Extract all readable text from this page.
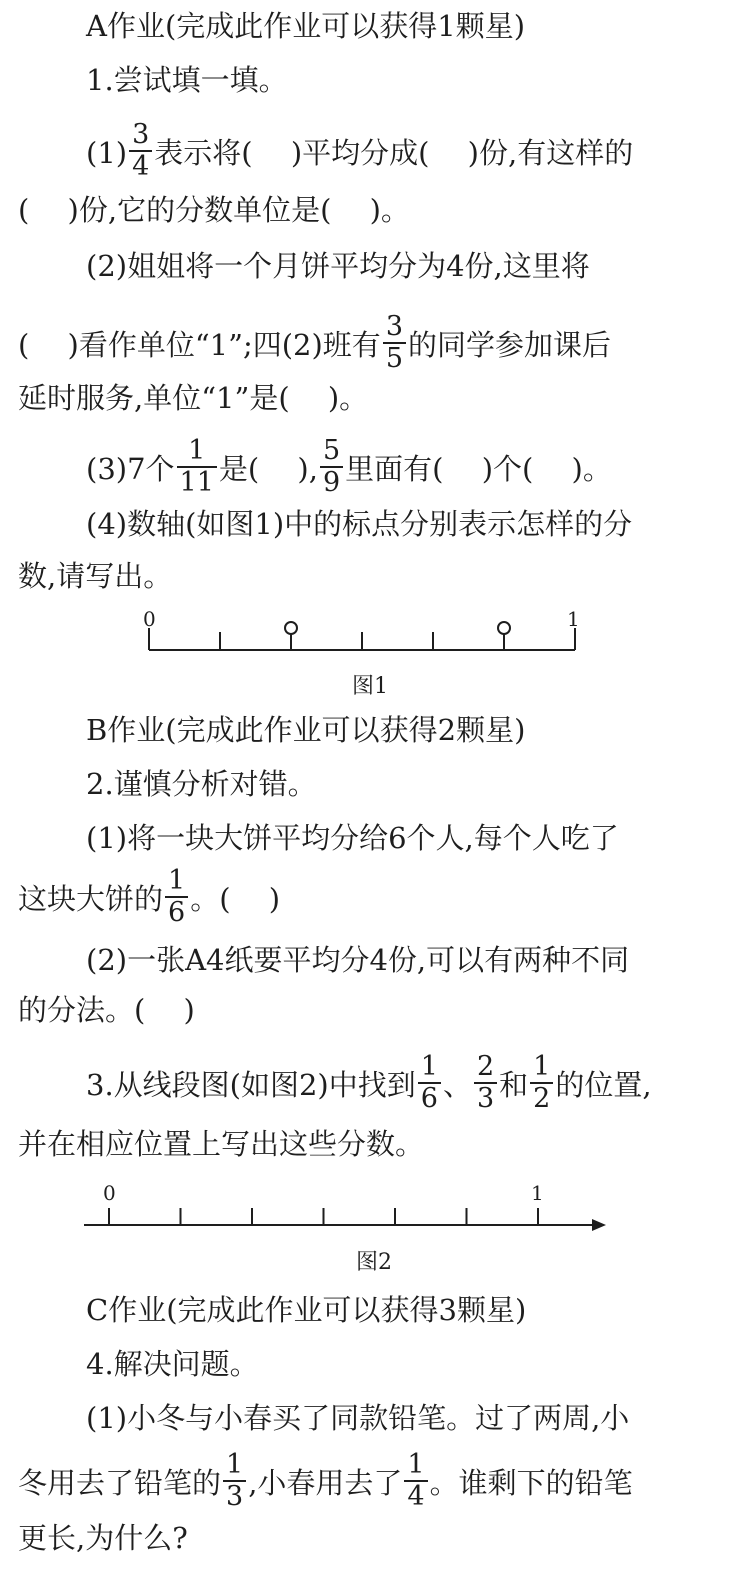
A作业(完成此作业可以获得1颗星)
1.尝试填一填。
$(1) \frac{3}{4}$ 表示将(　 )平均分成(　 )份,有这样的
(　 )份,它的分数单位是(　 )。
(2)姐姐将一个月饼平均分为4份,这里将
(　 )看作单位“1”;四(2)班有 $\frac{3}{5}$ 的同学参加课后
延时服务,单位“1”是(　 )。
(3)7个 $\frac{1}{11}$ 是(　 ), $\frac{5}{9}$ 里面有(　 )个(　 )。
(4)数轴(如图1)中的标点分别表示怎样的分
数,请写出。
0	1
图1
B作业(完成此作业可以获得2颗星)
2.谨慎分析对错。
(1)将一块大饼平均分给6个人,每个人吃了
这块大饼的 $\frac{1}{6}$ 。(　 )
(2)一张A4纸要平均分4份,可以有两种不同
的分法。(　 )
3.从线段图(如图2)中找到 $\frac{1}{6}$ 、 $\frac{2}{3}$ 和 $\frac{1}{2}$ 的位置,
并在相应位置上写出这些分数。
0	1
图2
C作业(完成此作业可以获得3颗星)
4.解决问题。
(1)小冬与小春买了同款铅笔。过了两周,小
冬用去了铅笔的 $\frac{1}{3}$ ,小春用去了 $\frac{1}{4}$ 。谁剩下的铅笔
更长,为什么?
